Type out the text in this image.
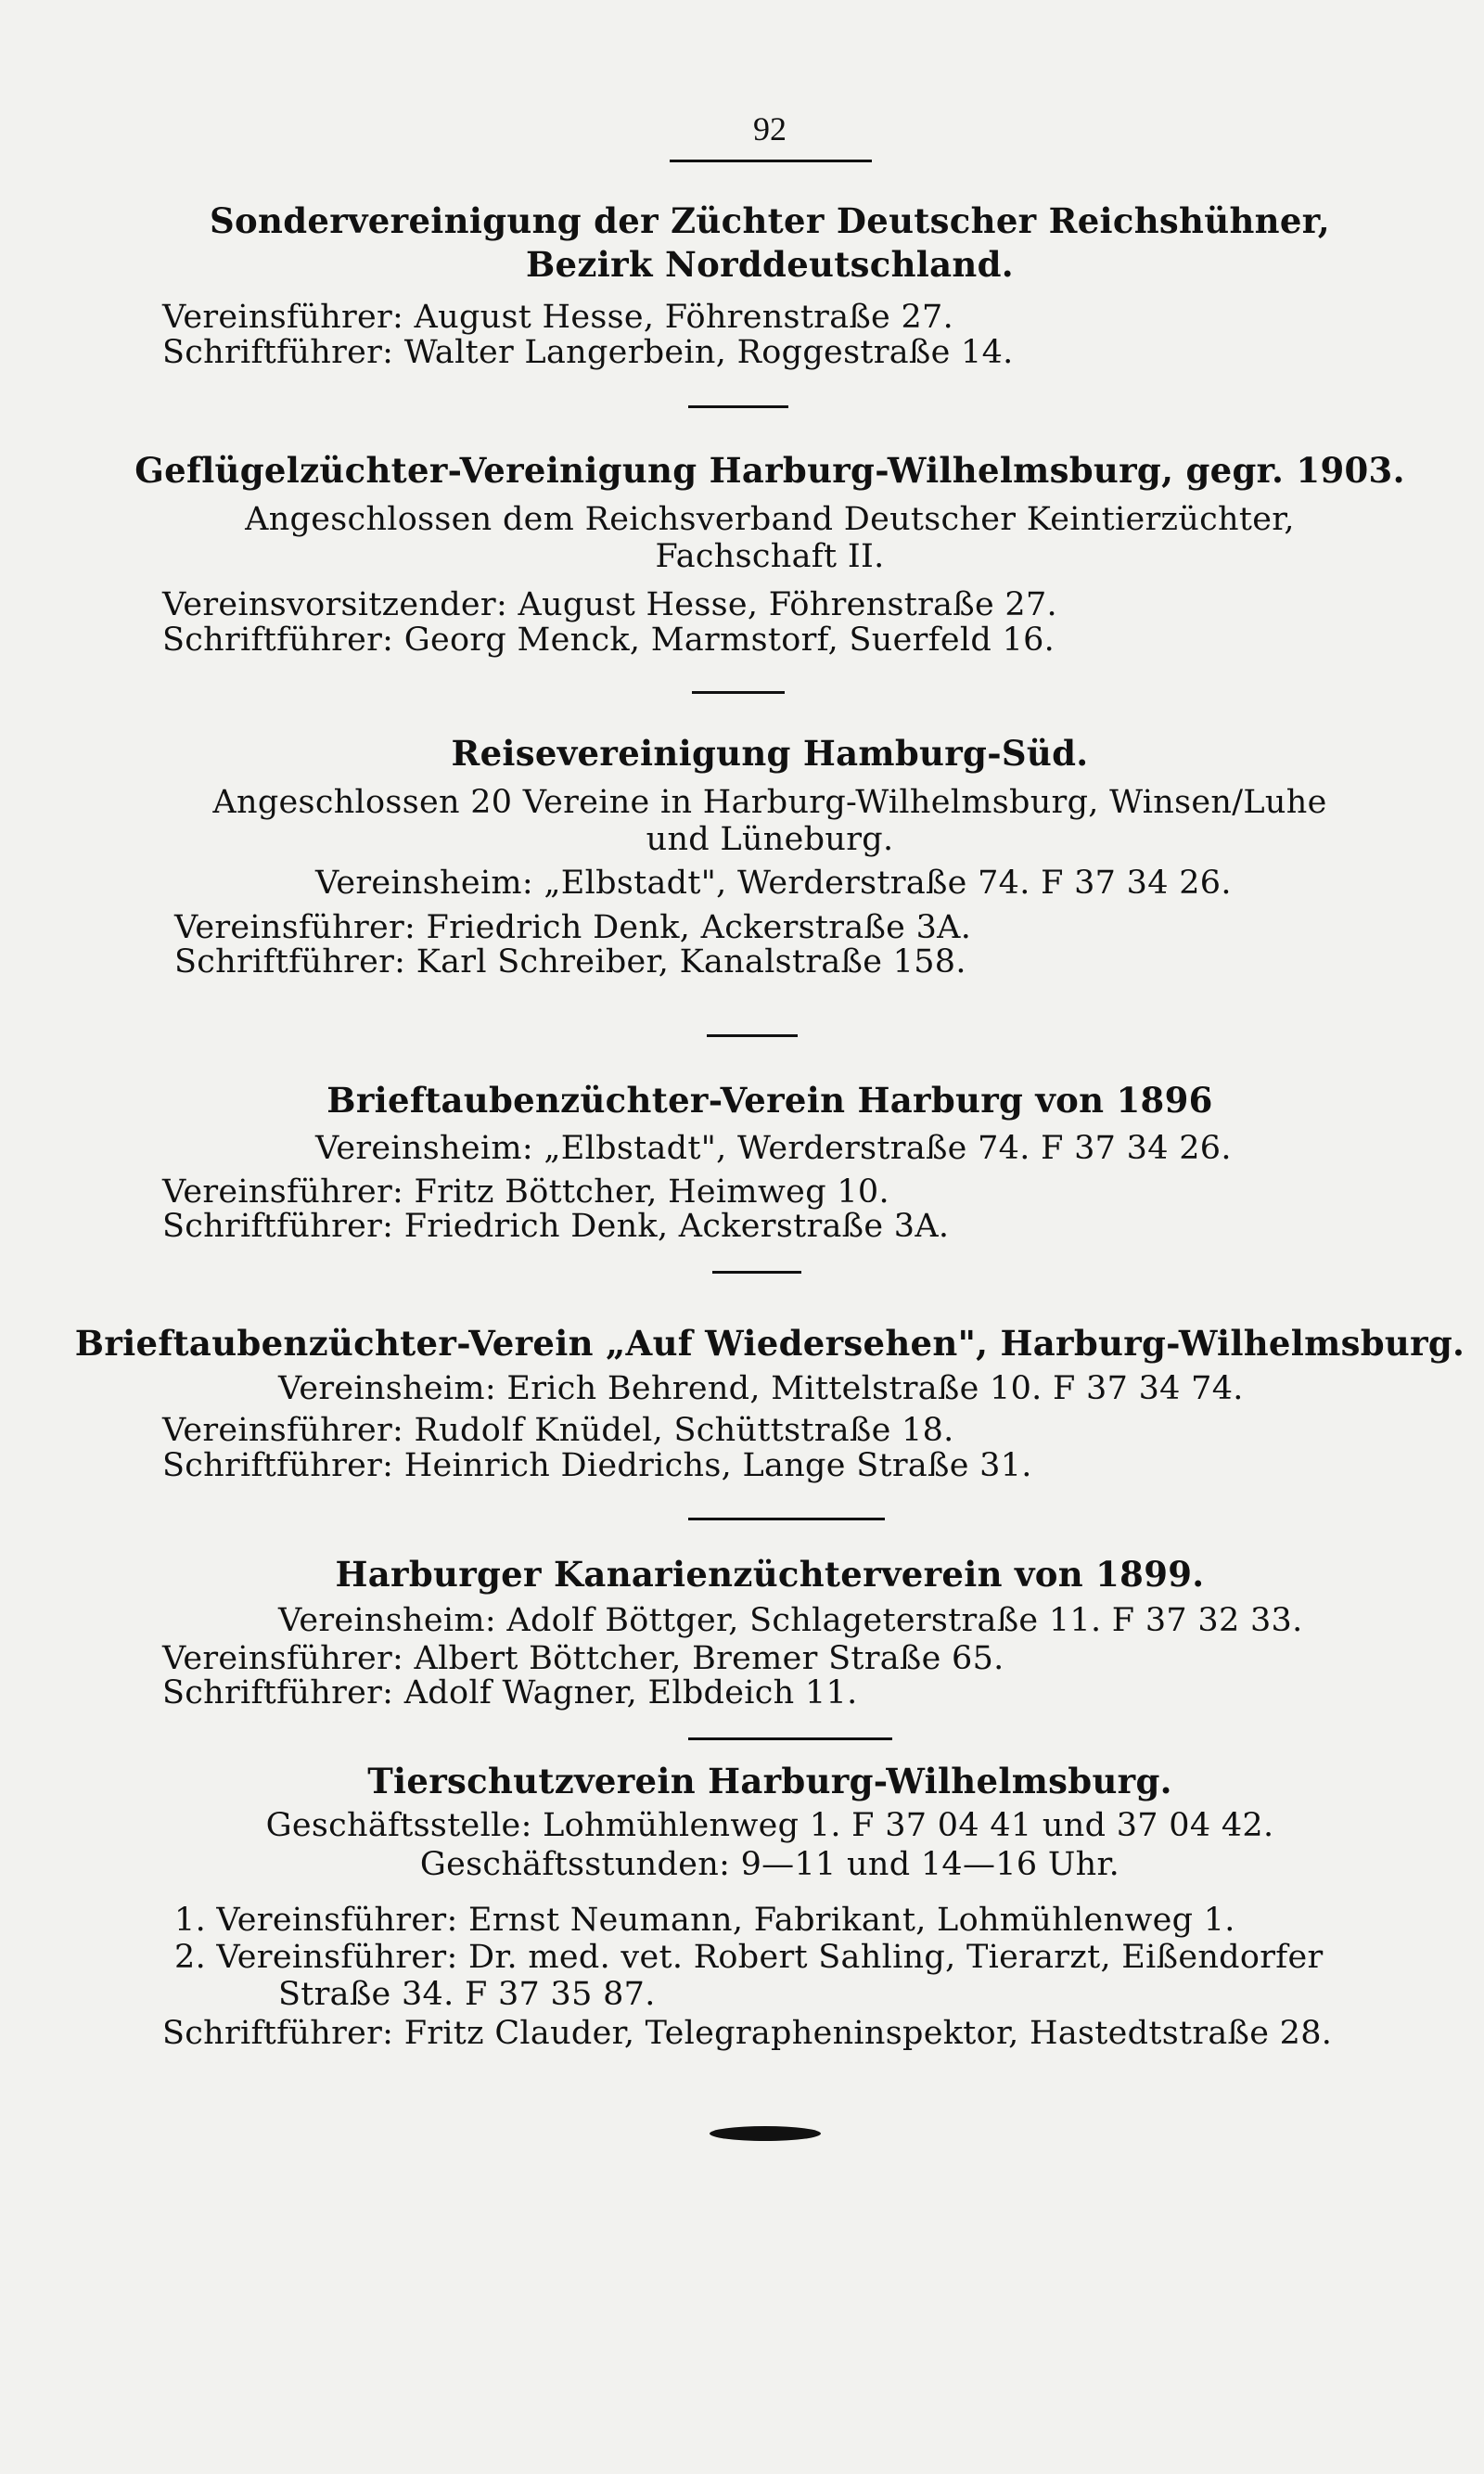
92
Sondervereinigung der Züchter Deutscher Reichshühner,
Bezirk Norddeutschland.
Vereinsführer: August Hesse, Föhrenstraße 27.
Schriftführer: Walter Langerbein, Roggestraße 14.
Geflügelzüchter-Vereinigung Harburg-Wilhelmsburg, gegr. 1903.
Angeschlossen dem Reichsverband Deutscher Keintierzüchter,
Fachschaft II.
Vereinsvorsitzender: August Hesse, Föhrenstraße 27.
Schriftführer: Georg Menck, Marmstorf, Suerfeld 16.
Reisevereinigung Hamburg-Süd.
Angeschlossen 20 Vereine in Harburg-Wilhelmsburg, Winsen/Luhe
und Lüneburg.
Vereinsheim: „Elbstadt", Werderstraße 74. F 37 34 26.
Vereinsführer: Friedrich Denk, Ackerstraße 3A.
Schriftführer: Karl Schreiber, Kanalstraße 158.
Brieftaubenzüchter-Verein Harburg von 1896
Vereinsheim: „Elbstadt", Werderstraße 74. F 37 34 26.
Vereinsführer: Fritz Böttcher, Heimweg 10.
Schriftführer: Friedrich Denk, Ackerstraße 3A.
Brieftaubenzüchter-Verein „Auf Wiedersehen", Harburg-Wilhelmsburg.
Vereinsheim: Erich Behrend, Mittelstraße 10. F 37 34 74.
Vereinsführer: Rudolf Knüdel, Schüttstraße 18.
Schriftführer: Heinrich Diedrichs, Lange Straße 31.
Harburger Kanarienzüchterverein von 1899.
Vereinsheim: Adolf Böttger, Schlageterstraße 11. F 37 32 33.
Vereinsführer: Albert Böttcher, Bremer Straße 65.
Schriftführer: Adolf Wagner, Elbdeich 11.
Tierschutzverein Harburg-Wilhelmsburg.
Geschäftsstelle: Lohmühlenweg 1. F 37 04 41 und 37 04 42.
Geschäftsstunden: 9—11 und 14—16 Uhr.
1. Vereinsführer: Ernst Neumann, Fabrikant, Lohmühlenweg 1.
2. Vereinsführer: Dr. med. vet. Robert Sahling, Tierarzt, Eißendorfer
Straße 34. F 37 35 87.
Schriftführer: Fritz Clauder, Telegrapheninspektor, Hastedtstraße 28.
